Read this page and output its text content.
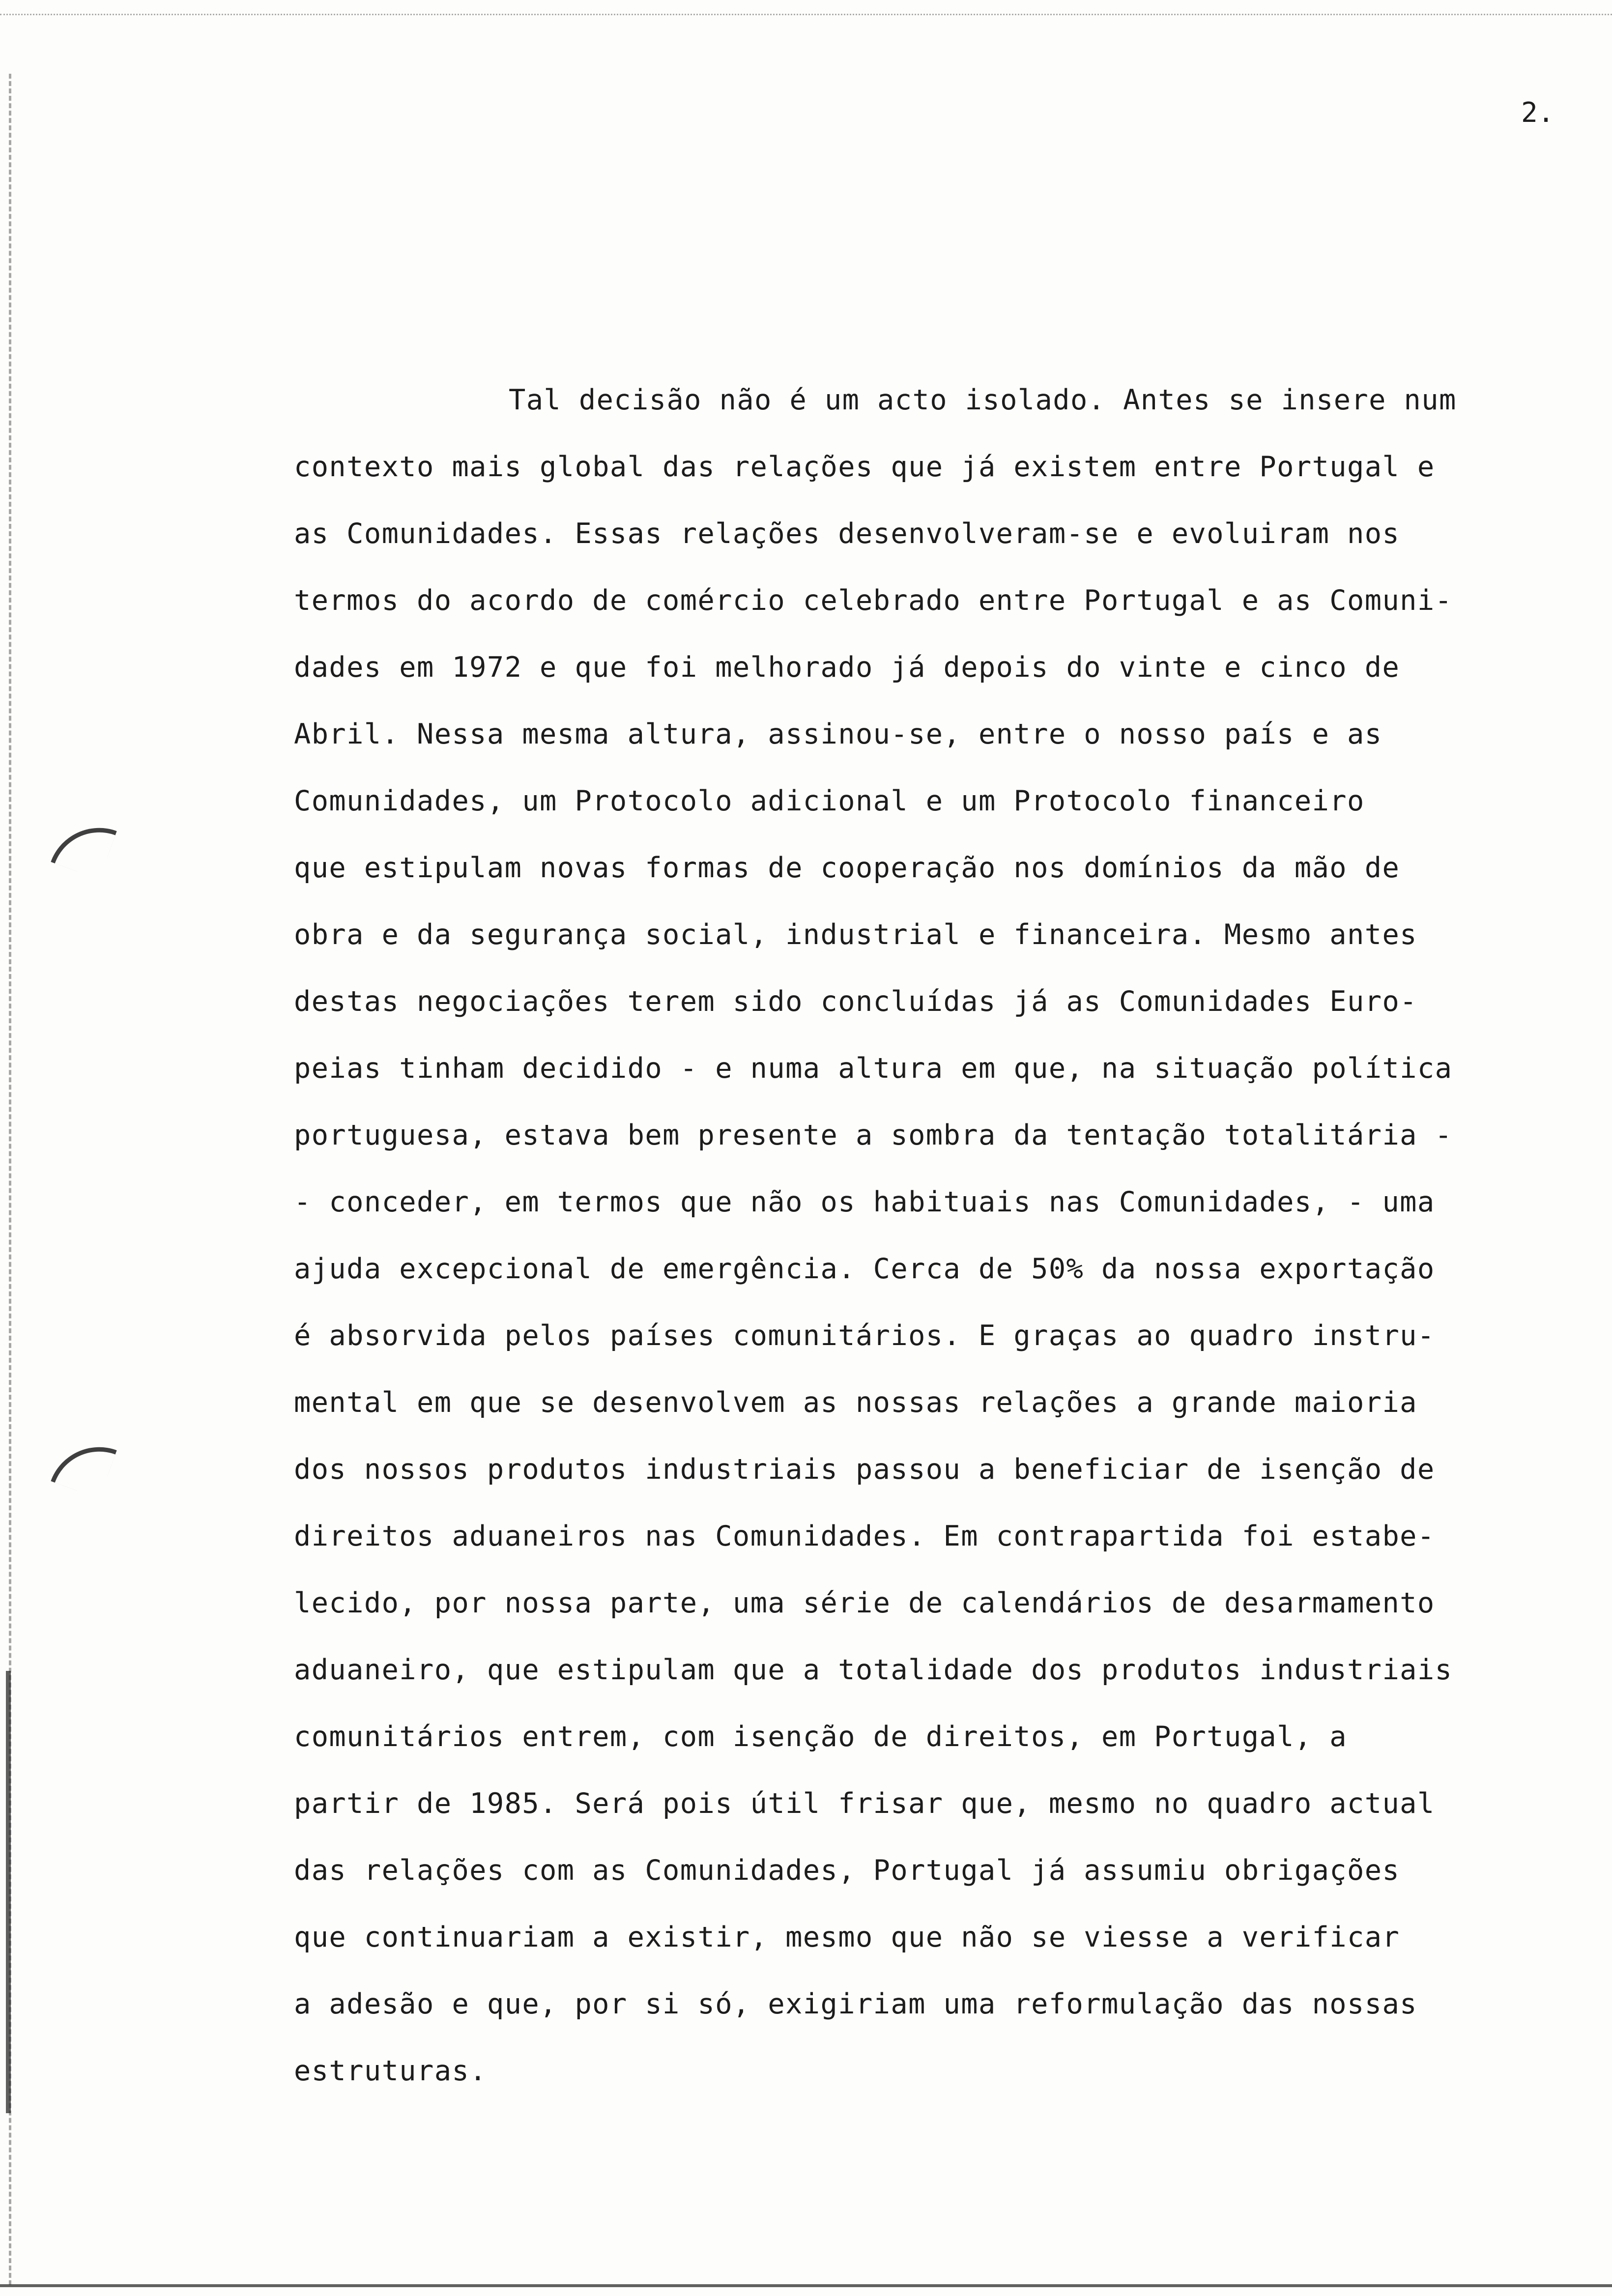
2.
Tal decisão não é um acto isolado. Antes se insere num
contexto mais global das relações que já existem entre Portugal e
as Comunidades. Essas relações desenvolveram-se e evoluiram nos
termos do acordo de comércio celebrado entre Portugal e as Comuni-
dades em 1972 e que foi melhorado já depois do vinte e cinco de
Abril. Nessa mesma altura, assinou-se, entre o nosso país e as
Comunidades, um Protocolo adicional e um Protocolo financeiro
que estipulam novas formas de cooperação nos domínios da mão de
obra e da segurança social, industrial e financeira. Mesmo antes
destas negociações terem sido concluídas já as Comunidades Euro-
peias tinham decidido - e numa altura em que, na situação política
portuguesa, estava bem presente a sombra da tentação totalitária -
- conceder, em termos que não os habituais nas Comunidades, - uma
ajuda excepcional de emergência. Cerca de 50% da nossa exportação
é absorvida pelos países comunitários. E graças ao quadro instru-
mental em que se desenvolvem as nossas relações a grande maioria
dos nossos produtos industriais passou a beneficiar de isenção de
direitos aduaneiros nas Comunidades. Em contrapartida foi estabe-
lecido, por nossa parte, uma série de calendários de desarmamento
aduaneiro, que estipulam que a totalidade dos produtos industriais
comunitários entrem, com isenção de direitos, em Portugal, a
partir de 1985. Será pois útil frisar que, mesmo no quadro actual
das relações com as Comunidades, Portugal já assumiu obrigações
que continuariam a existir, mesmo que não se viesse a verificar
a adesão e que, por si só, exigiriam uma reformulação das nossas
estruturas.
